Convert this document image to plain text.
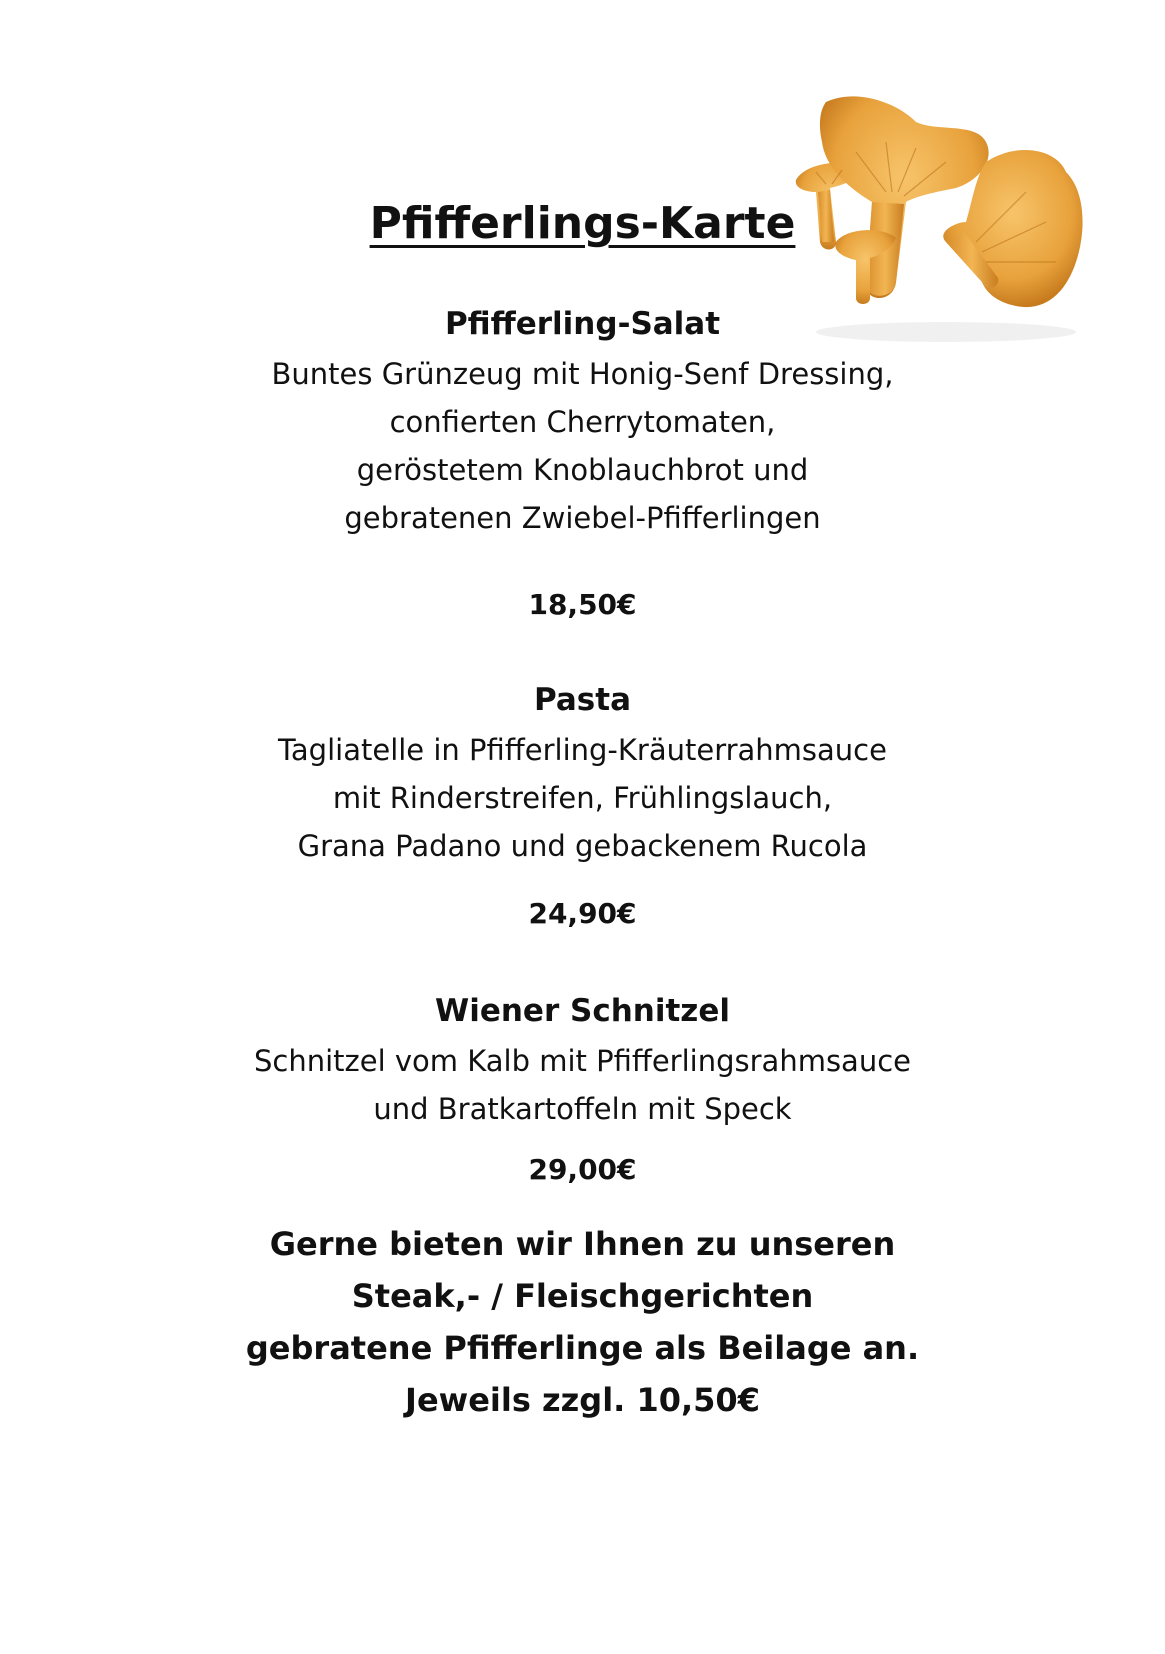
Pfifferlings-Karte

Pfifferling-Salat

Buntes Grünzeug mit Honig-Senf Dressing,
confierten Cherrytomaten,
geröstetem Knoblauchbrot und
gebratenen Zwiebel-Pfifferlingen

18,50€

Pasta

Tagliatelle in Pfifferling-Kräuterrahmsauce
mit Rinderstreifen, Frühlingslauch,
Grana Padano und gebackenem Rucola

24,90€

Wiener Schnitzel

Schnitzel vom Kalb mit Pfifferlingsrahmsauce
und Bratkartoffeln mit Speck

29,00€

Gerne bieten wir Ihnen zu unseren
Steak,- / Fleischgerichten
gebratene Pfifferlinge als Beilage an.
Jeweils zzgl. 10,50€
